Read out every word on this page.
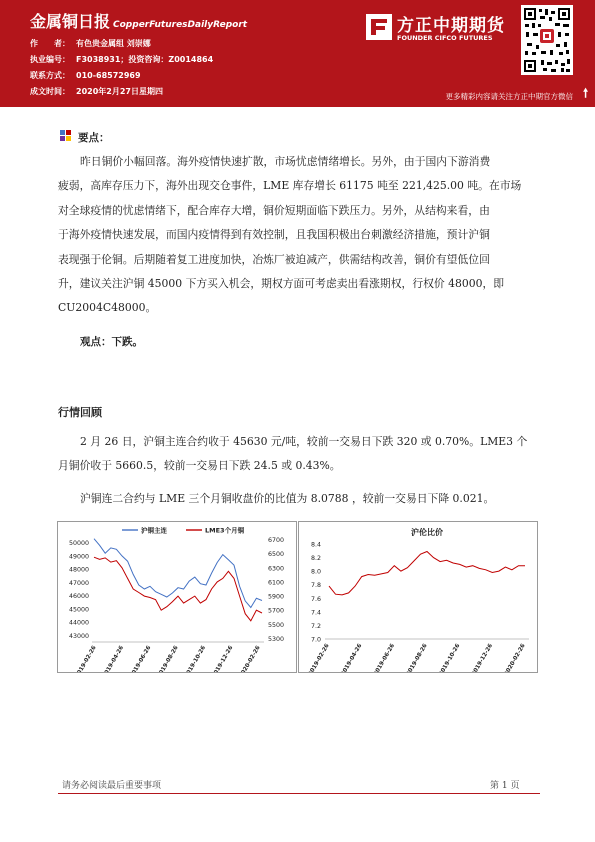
金属铜日报 CopperFuturesDailyReport
作　　者： 有色贵金属组 刘崇娜
执业编号： F3038931；投资咨询：Z0014864
联系方式： 010-68572969
成文时间： 2020年2月27日星期四
方正中期期货
FOUNDER CIFCO FUTURES
更多精彩内容请关注方正中期官方微信 🠕
要点：
昨日铜价小幅回落。海外疫情快速扩散，市场忧虑情绪增长。另外，由于国内下游消费
疲弱，高库存压力下，海外出现交仓事件，LME 库存增长 61175 吨至 221,425.00 吨。在市场
对全球疫情的忧虑情绪下，配合库存大增，铜价短期面临下跌压力。另外，从结构来看，由
于海外疫情快速发展，而国内疫情得到有效控制，且我国积极出台刺激经济措施，预计沪铜
表现强于伦铜。后期随着复工进度加快，冶炼厂被迫减产，供需结构改善，铜价有望低位回
升，建议关注沪铜 45000 下方买入机会，期权方面可考虑卖出看涨期权，行权价 48000，即
CU2004C48000。
观点：下跌。
行情回顾
2 月 26 日，沪铜主连合约收于 45630 元/吨，较前一交易日下跌 320 或 0.70%。LME3 个
月铜价收于 5660.5，较前一交易日下跌 24.5 或 0.43%。
沪铜连二合约与 LME 三个月铜收盘价的比值为 8.0788 ，较前一交易日下降 0.021。
50000
49000
48000
47000
46000
45000
44000
43000
6700
6500
6300
6100
5900
5700
5500
5300
2019-02-26 2019-04-26 2019-06-26 2019-08-26 2019-10-26 2019-12-26 2020-02-26
沪铜主连	LME3个月铜	沪伦比价
8.4
8.2
8.0
7.8
7.6
7.4
7.2
7.0
2019-02-26 2019-04-26 2019-06-26 2019-08-26 2019-10-26 2019-12-26 2020-02-26
请务必阅读最后重要事项	第 1 页
